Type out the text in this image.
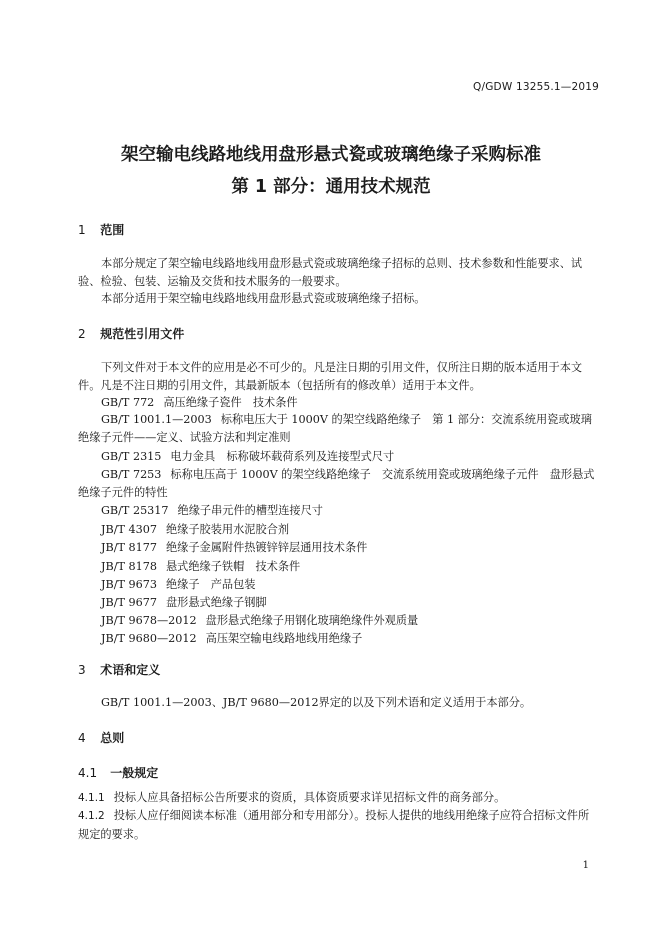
Q/GDW 13255.1—2019
架空输电线路地线用盘形悬式瓷或玻璃绝缘子采购标准
第 1 部分：通用技术规范
1 范围
本部分规定了架空输电线路地线用盘形悬式瓷或玻璃绝缘子招标的总则、技术参数和性能要求、试验、检验、包装、运输及交货和技术服务的一般要求。
本部分适用于架空输电线路地线用盘形悬式瓷或玻璃绝缘子招标。
2 规范性引用文件
下列文件对于本文件的应用是必不可少的。凡是注日期的引用文件，仅所注日期的版本适用于本文件。凡是不注日期的引用文件，其最新版本（包括所有的修改单）适用于本文件。
GB/T 772 高压绝缘子瓷件　技术条件
GB/T 1001.1—2003 标称电压大于 1000V 的架空线路绝缘子　第 1 部分：交流系统用瓷或玻璃绝缘子元件——定义、试验方法和判定准则
GB/T 2315 电力金具　标称破坏载荷系列及连接型式尺寸
GB/T 7253 标称电压高于 1000V 的架空线路绝缘子　交流系统用瓷或玻璃绝缘子元件　盘形悬式绝缘子元件的特性
GB/T 25317 绝缘子串元件的槽型连接尺寸
JB/T 4307 绝缘子胶装用水泥胶合剂
JB/T 8177 绝缘子金属附件热镀锌锌层通用技术条件
JB/T 8178 悬式绝缘子铁帽　技术条件
JB/T 9673 绝缘子　产品包装
JB/T 9677 盘形悬式绝缘子钢脚
JB/T 9678—2012 盘形悬式绝缘子用钢化玻璃绝缘件外观质量
JB/T 9680—2012 高压架空输电线路地线用绝缘子
3 术语和定义
GB/T 1001.1—2003、JB/T 9680—2012界定的以及下列术语和定义适用于本部分。
4 总则
4.1 一般规定
4.1.1 投标人应具备招标公告所要求的资质，具体资质要求详见招标文件的商务部分。
4.1.2 投标人应仔细阅读本标准（通用部分和专用部分）。投标人提供的地线用绝缘子应符合招标文件所规定的要求。
1
